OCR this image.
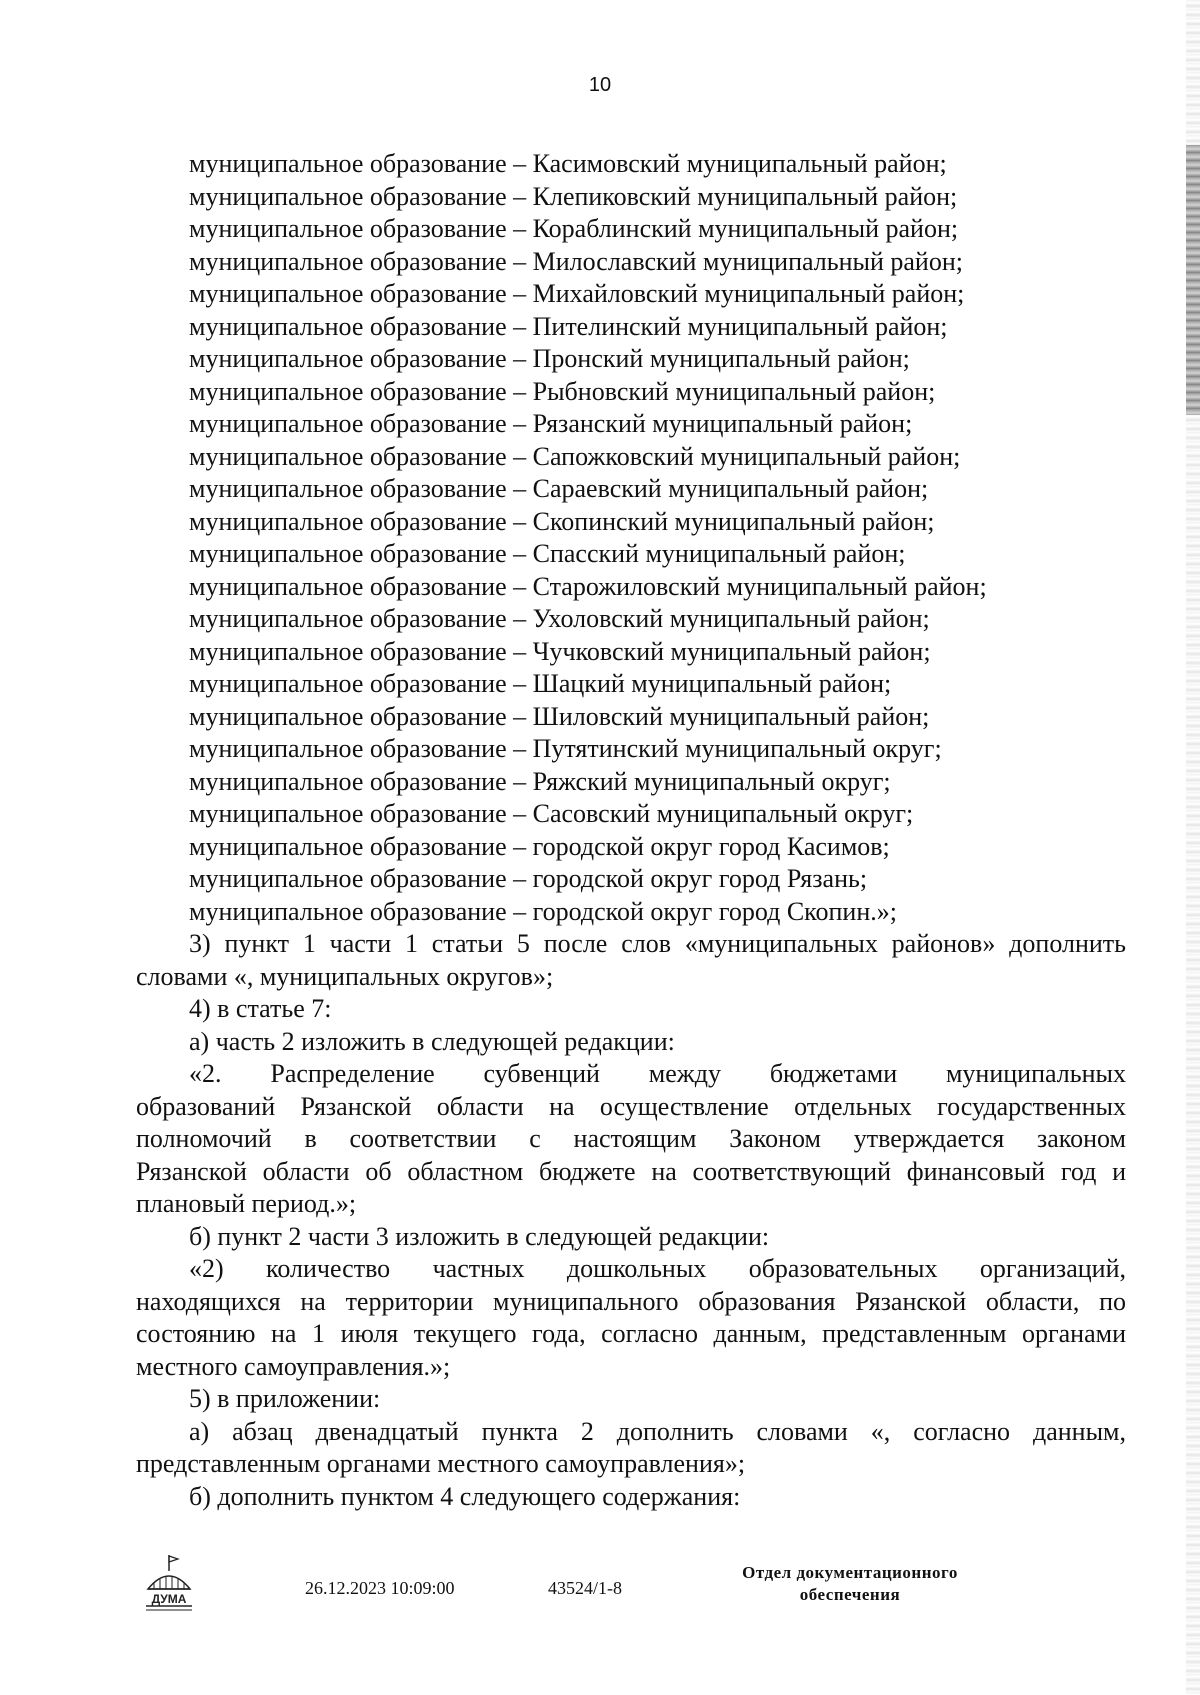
10
муниципальное образование – Касимовский муниципальный район;
муниципальное образование – Клепиковский муниципальный район;
муниципальное образование – Кораблинский муниципальный район;
муниципальное образование – Милославский муниципальный район;
муниципальное образование – Михайловский муниципальный район;
муниципальное образование – Пителинский муниципальный район;
муниципальное образование – Пронский муниципальный район;
муниципальное образование – Рыбновский муниципальный район;
муниципальное образование – Рязанский муниципальный район;
муниципальное образование – Сапожковский муниципальный район;
муниципальное образование – Сараевский муниципальный район;
муниципальное образование – Скопинский муниципальный район;
муниципальное образование – Спасский муниципальный район;
муниципальное образование – Старожиловский муниципальный район;
муниципальное образование – Ухоловский муниципальный район;
муниципальное образование – Чучковский муниципальный район;
муниципальное образование – Шацкий муниципальный район;
муниципальное образование – Шиловский муниципальный район;
муниципальное образование – Путятинский муниципальный округ;
муниципальное образование – Ряжский муниципальный округ;
муниципальное образование – Сасовский муниципальный округ;
муниципальное образование – городской округ город Касимов;
муниципальное образование – городской округ город Рязань;
муниципальное образование – городской округ город Скопин.»;
3) пункт 1 части 1 статьи 5 после слов «муниципальных районов» дополнить
словами «, муниципальных округов»;
4) в статье 7:
а) часть 2 изложить в следующей редакции:
«2. Распределение субвенций между бюджетами муниципальных
образований Рязанской области на осуществление отдельных государственных
полномочий в соответствии с настоящим Законом утверждается законом
Рязанской области об областном бюджете на соответствующий финансовый год и
плановый период.»;
б) пункт 2 части 3 изложить в следующей редакции:
«2) количество частных дошкольных образовательных организаций,
находящихся на территории муниципального образования Рязанской области, по
состоянию на 1 июля текущего года, согласно данным, представленным органами
местного самоуправления.»;
5) в приложении:
а) абзац двенадцатый пункта 2 дополнить словами «, согласно данным,
представленным органами местного самоуправления»;
б) дополнить пунктом 4 следующего содержания:
ДУМА
26.12.2023 10:09:00	43524/1-8
Отдел документационного
обеспечения
